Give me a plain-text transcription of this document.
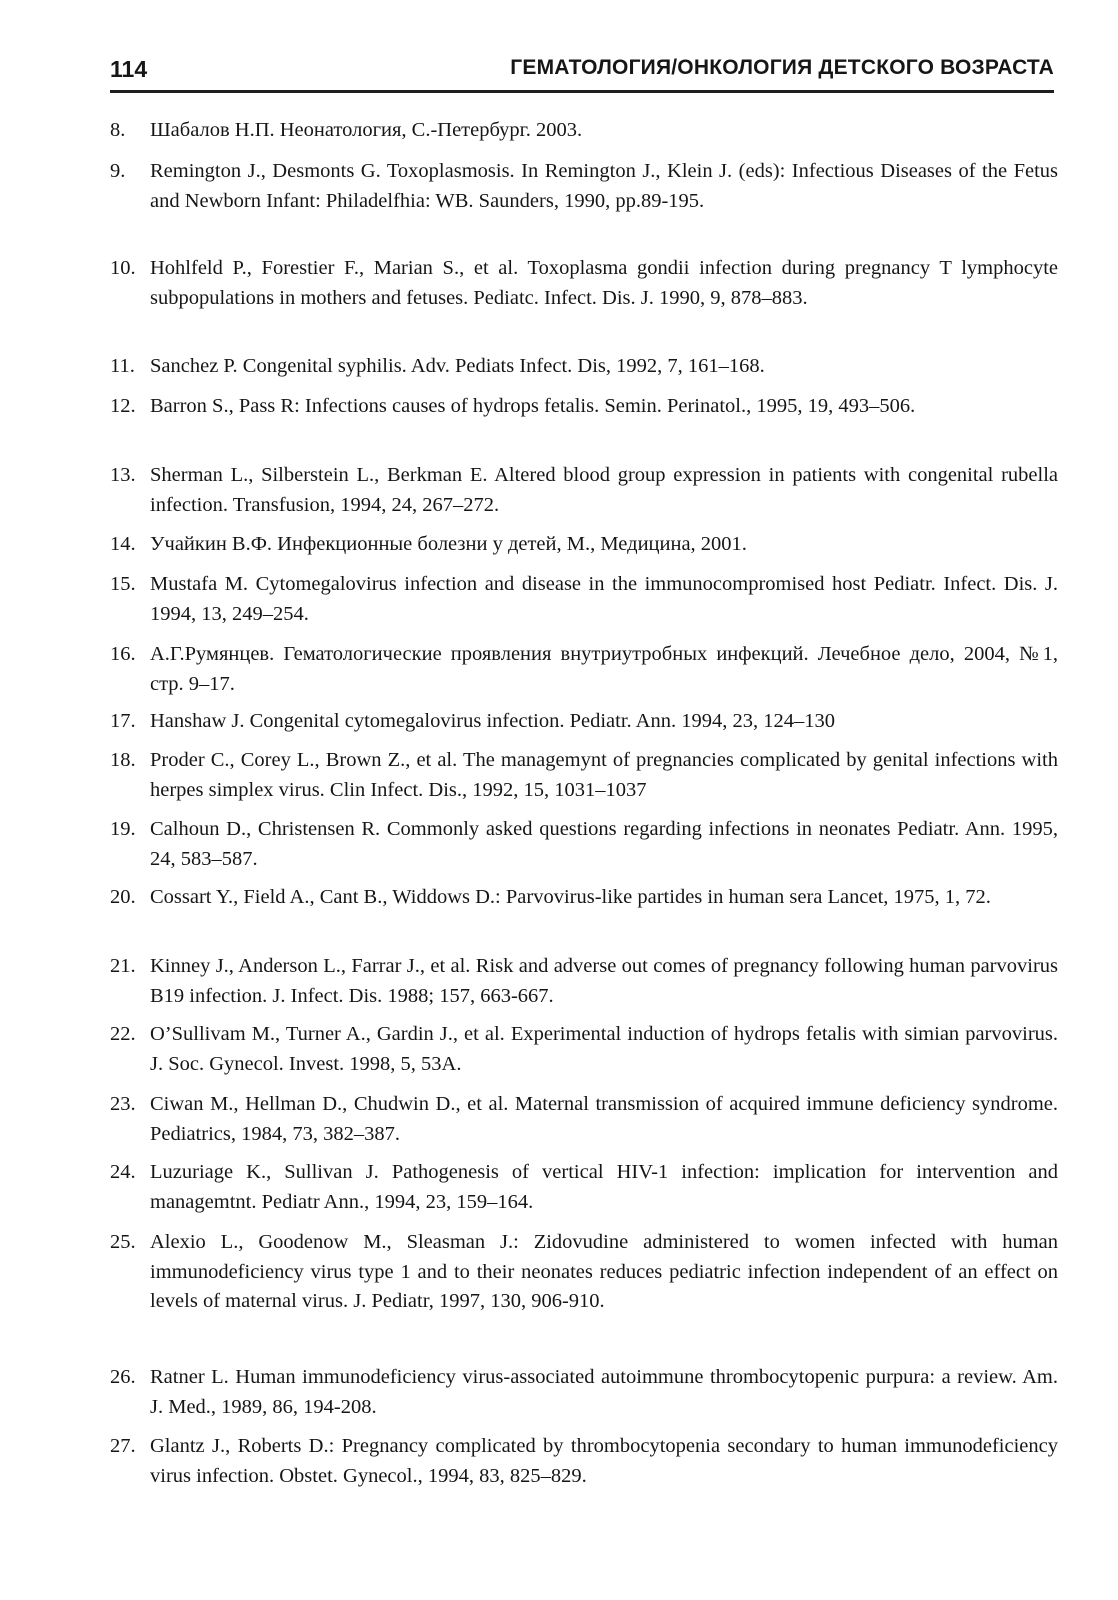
114	ГЕМАТОЛОГИЯ/ОНКОЛОГИЯ ДЕТСКОГО ВОЗРАСТА
8. Шабалов Н.П. Неонатология, С.-Петербург. 2003.
9. Remington J., Desmonts G. Toxoplasmosis. In Remington J., Klein J. (eds): Infectious Diseases of the Fetus and Newborn Infant: Philadelfhia: WB. Saunders, 1990, pp.89-195.
10. Hohlfeld P., Forestier F., Marian S., et al. Toxoplasma gondii infection during pregnancy T lymphocyte subpopulations in mothers and fetuses. Pediatc. Infect. Dis. J. 1990, 9, 878–883.
11. Sanchez P. Congenital syphilis. Adv. Pediats Infect. Dis, 1992, 7, 161–168.
12. Barron S., Pass R: Infections causes of hydrops fetalis. Semin. Perinatol., 1995, 19, 493–506.
13. Sherman L., Silberstein L., Berkman E. Altered blood group expression in patients with congenital rubella infection. Transfusion, 1994, 24, 267–272.
14. Учайкин В.Ф. Инфекционные болезни у детей, М., Медицина, 2001.
15. Mustafa M. Cytomegalovirus infection and disease in the immunocompromised host Pediatr. Infect. Dis. J. 1994, 13, 249–254.
16. А.Г.Румянцев. Гематологические проявления внутриутробных инфекций. Лечебное дело, 2004, №1, стр. 9–17.
17. Hanshaw J. Congenital cytomegalovirus infection. Pediatr. Ann. 1994, 23, 124–130
18. Proder C., Corey L., Brown Z., et al. The managemynt of pregnancies complicated by genital infections with herpes simplex virus. Clin Infect. Dis., 1992, 15, 1031–1037
19. Calhoun D., Christensen R. Commonly asked questions regarding infections in neonates Pediatr. Ann. 1995, 24, 583–587.
20. Cossart Y., Field A., Cant B., Widdows D.: Parvovirus-like partides in human sera Lancet, 1975, 1, 72.
21. Kinney J., Anderson L., Farrar J., et al. Risk and adverse out comes of pregnancy following human parvovirus B19 infection. J. Infect. Dis. 1988; 157, 663-667.
22. O’Sullivam M., Turner A., Gardin J., et al. Experimental induction of hydrops fetalis with simian parvovirus. J. Soc. Gynecol. Invest. 1998, 5, 53A.
23. Ciwan M., Hellman D., Chudwin D., et al. Maternal transmission of acquired immune deficiency syndrome. Pediatrics, 1984, 73, 382–387.
24. Luzuriage K., Sullivan J. Pathogenesis of vertical HIV-1 infection: implication for intervention and managemtnt. Pediatr Ann., 1994, 23, 159–164.
25. Alexio L., Goodenow M., Sleasman J.: Zidovudine administered to women infected with human immunodeficiency virus type 1 and to their neonates reduces pediatric infection independent of an effect on levels of maternal virus. J. Pediatr, 1997, 130, 906-910.
26. Ratner L. Human immunodeficiency virus-associated autoimmune thrombocytopenic purpura: a review. Am. J. Med., 1989, 86, 194-208.
27. Glantz J., Roberts D.: Pregnancy complicated by thrombocytopenia secondary to human immunodeficiency virus infection. Obstet. Gynecol., 1994, 83, 825–829.
